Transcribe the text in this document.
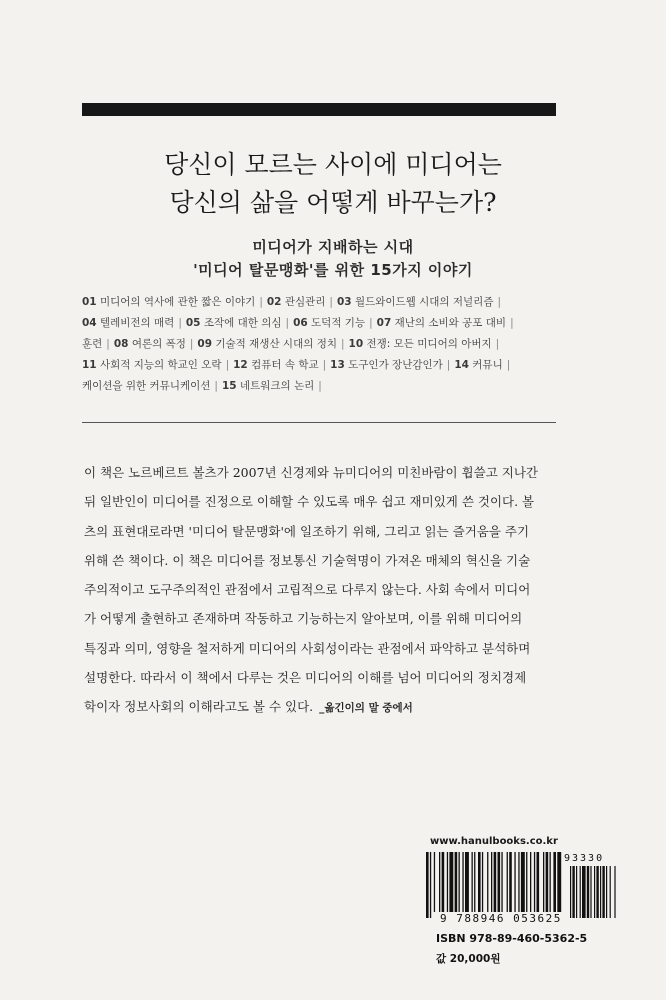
당신이 모르는 사이에 미디어는
당신의 삶을 어떻게 바꾸는가?
미디어가 지배하는 시대
'미디어 탈문맹화'를 위한 15가지 이야기
01 미디어의 역사에 관한 짧은 이야기 | 02 관심관리 | 03 월드와이드웹 시대의 저널리즘 |
04 텔레비전의 매력 | 05 조작에 대한 의심 | 06 도덕적 기능 | 07 재난의 소비와 공포 대비 |
훈련 | 08 여론의 폭정 | 09 기술적 재생산 시대의 정치 | 10 전쟁: 모든 미디어의 아버지 |
11 사회적 지능의 학교인 오락 | 12 컴퓨터 속 학교 | 13 도구인가 장난감인가 | 14 커뮤니 |
케이션을 위한 커뮤니케이션 | 15 네트워크의 논리 |
이 책은 노르베르트 볼츠가 2007년 신경제와 뉴미디어의 미친바람이 휩쓸고 지나간
뒤 일반인이 미디어를 진정으로 이해할 수 있도록 매우 쉽고 재미있게 쓴 것이다. 볼
츠의 표현대로라면 '미디어 탈문맹화'에 일조하기 위해, 그리고 읽는 즐거움을 주기
위해 쓴 책이다. 이 책은 미디어를 정보통신 기술혁명이 가져온 매체의 혁신을 기술
주의적이고 도구주의적인 관점에서 고립적으로 다루지 않는다. 사회 속에서 미디어
가 어떻게 출현하고 존재하며 작동하고 기능하는지 알아보며, 이를 위해 미디어의
특징과 의미, 영향을 철저하게 미디어의 사회성이라는 관점에서 파악하고 분석하며
설명한다. 따라서 이 책에서 다루는 것은 미디어의 이해를 넘어 미디어의 정치경제
학이자 정보사회의 이해라고도 볼 수 있다. _옮긴이의 말 중에서
www.hanulbooks.co.kr
9 788946 053625
93330
ISBN 978-89-460-5362-5
값 20,000원
